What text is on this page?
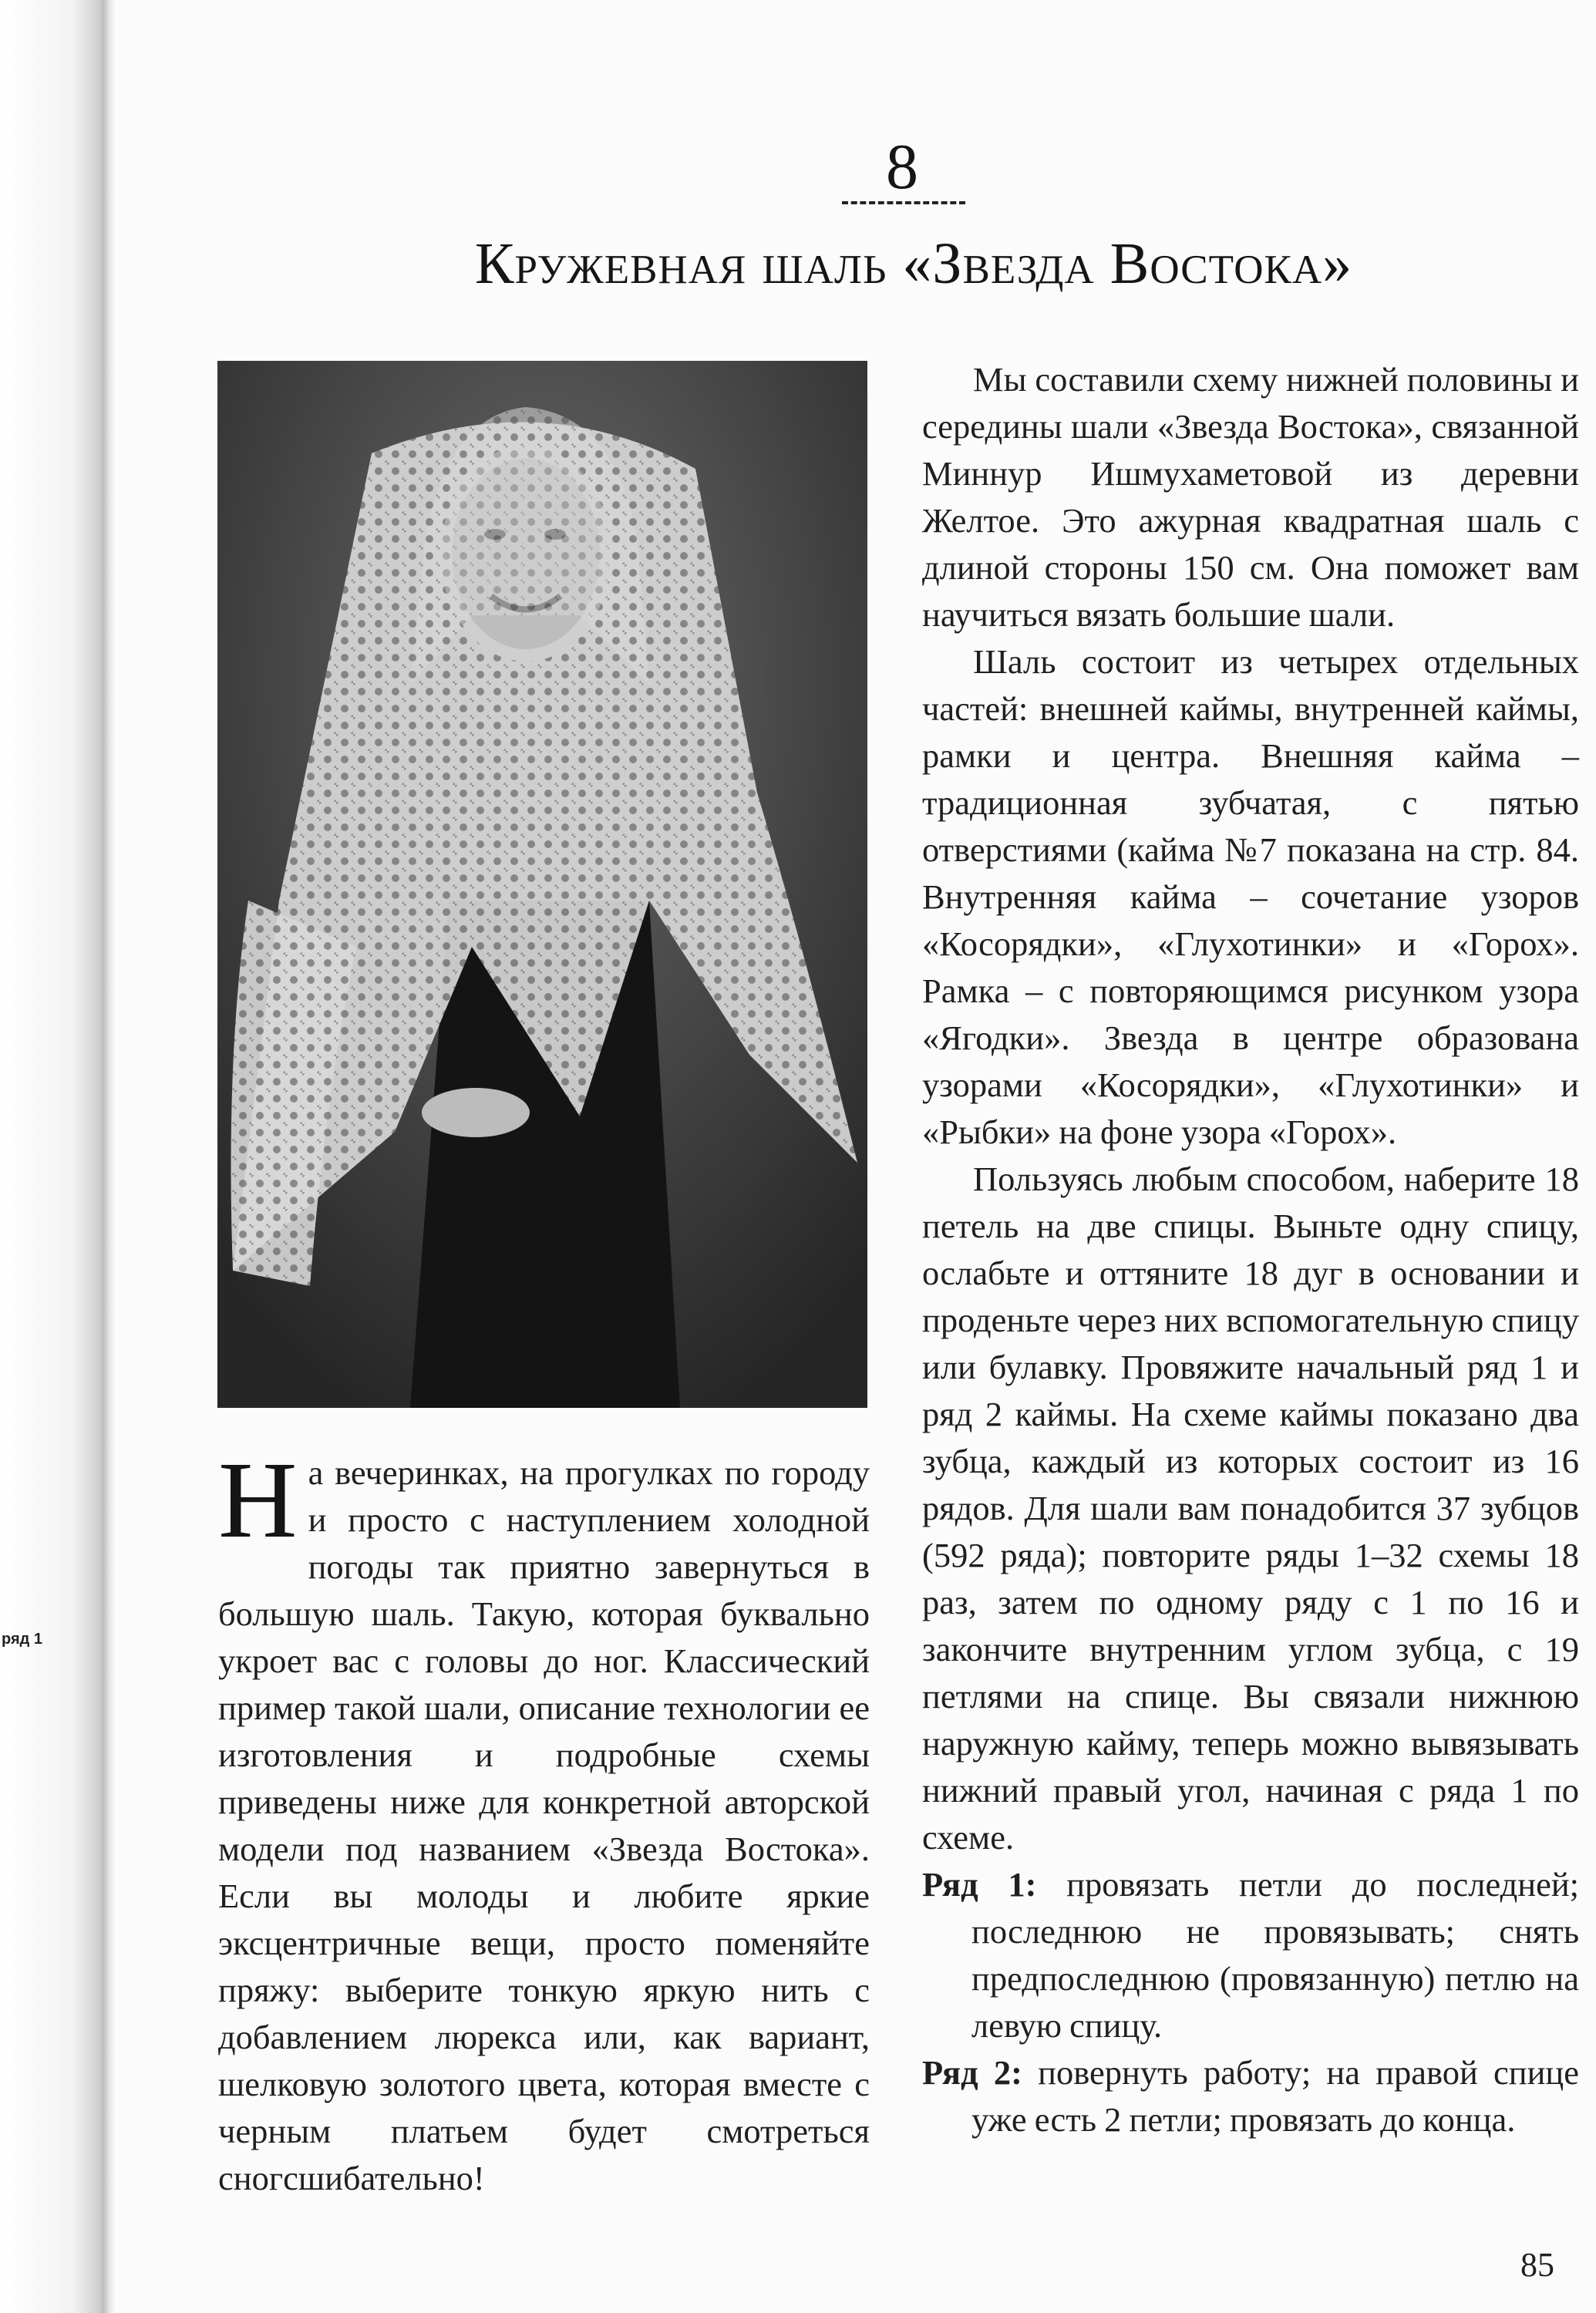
ряд 1
8
Кружевная шаль «Звезда Востока»

На вечеринках, на прогулках по городу и просто с наступлением холодной погоды так приятно завернуться в большую шаль. Такую, которая буквально укроет вас с головы до ног. Классический пример такой шали, описание технологии ее изготовления и подробные схемы приведены ниже для конкретной авторской модели под названием «Звезда Востока». Если вы молоды и любите яркие эксцентричные вещи, просто поменяйте пряжу: выберите тонкую яркую нить с добавлением люрекса или, как вариант, шелковую золотого цвета, которая вместе с черным платьем будет смотреться сногсшибательно!

Мы составили схему нижней половины и середины шали «Звезда Востока», связанной Миннур Ишмухаметовой из деревни Желтое. Это ажурная квадратная шаль с длиной стороны 150 см. Она поможет вам научиться вязать большие шали.

Шаль состоит из четырех отдельных частей: внешней каймы, внутренней каймы, рамки и центра. Внешняя кайма – традиционная зубчатая, с пятью отверстиями (кайма №7 показана на стр. 84. Внутренняя кайма – сочетание узоров «Косорядки», «Глухотинки» и «Горох». Рамка – с повторяющимся рисунком узора «Ягодки». Звезда в центре образована узорами «Косорядки», «Глухотинки» и «Рыбки» на фоне узора «Горох».

Пользуясь любым способом, наберите 18 петель на две спицы. Выньте одну спицу, ослабьте и оттяните 18 дуг в основании и проденьте через них вспомогательную спицу или булавку. Провяжите начальный ряд 1 и ряд 2 каймы. На схеме каймы показано два зубца, каждый из которых состоит из 16 рядов. Для шали вам понадобится 37 зубцов (592 ряда); повторите ряды 1–32 схемы 18 раз, затем по одному ряду с 1 по 16 и закончите внутренним углом зубца, с 19 петлями на спице. Вы связали нижнюю наружную кайму, теперь можно вывязывать нижний правый угол, начиная с ряда 1 по схеме.

Ряд 1: провязать петли до последней; последнюю не провязывать; снять предпоследнюю (провязанную) петлю на левую спицу.

Ряд 2: повернуть работу; на правой спице уже есть 2 петли; провязать до конца.

85
